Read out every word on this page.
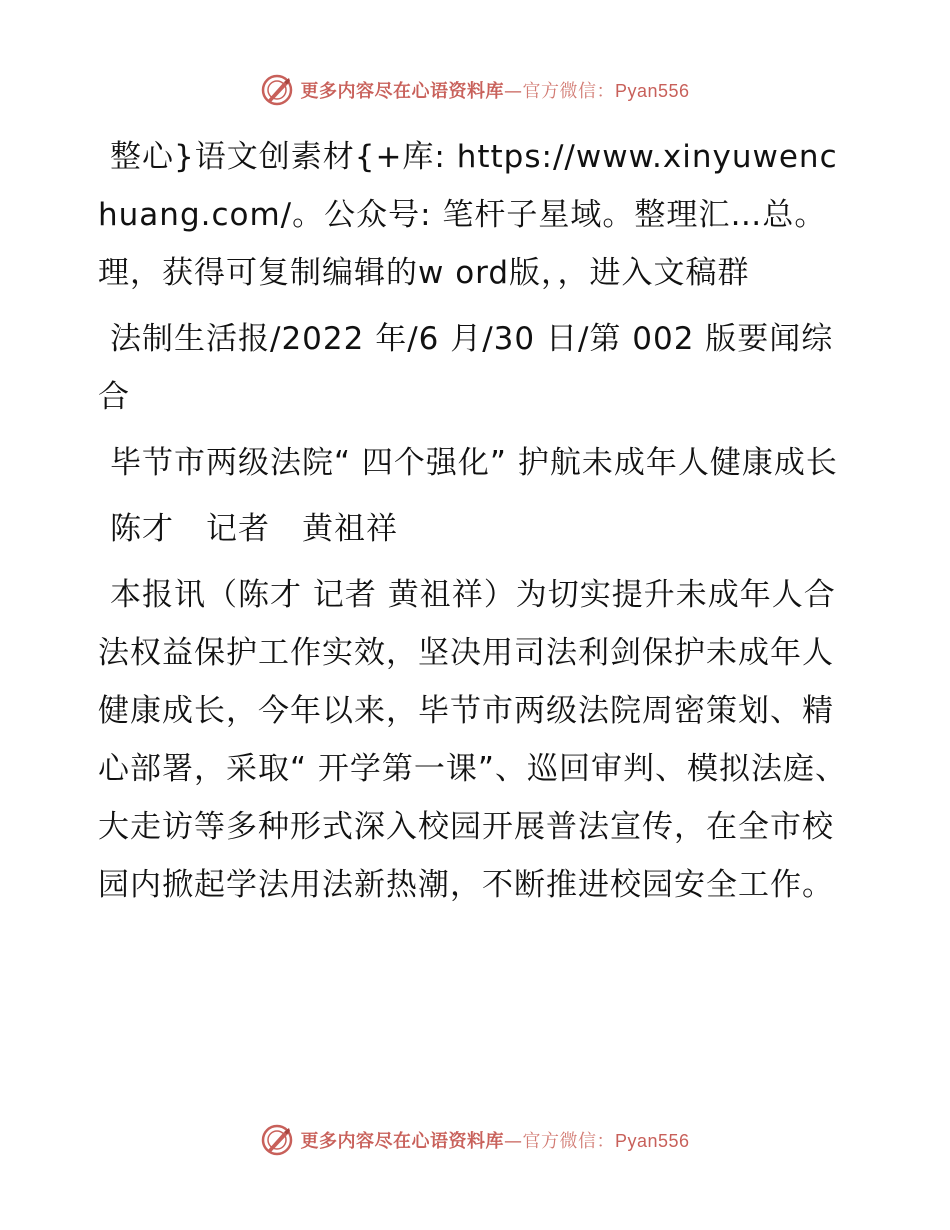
更多内容尽在心语资料库—官方微信：Pyan556

整心}语文创素材{+库: https://www.xinyuwenchuang.com/。公众号: 笔杆子星域。整理汇…总。理，获得可复制编辑的w ord版，，进入文稿群

法制生活报/2022 年/6 月/30 日/第 002 版要闻综合

毕节市两级法院“ 四个强化” 护航未成年人健康成长

陈才　记者　黄祖祥

本报讯（陈才 记者 黄祖祥）为切实提升未成年人合法权益保护工作实效，坚决用司法利剑保护未成年人健康成长，今年以来，毕节市两级法院周密策划、精心部署，采取“ 开学第一课”、巡回审判、模拟法庭、大走访等多种形式深入校园开展普法宣传，在全市校园内掀起学法用法新热潮，不断推进校园安全工作。

更多内容尽在心语资料库—官方微信：Pyan556
